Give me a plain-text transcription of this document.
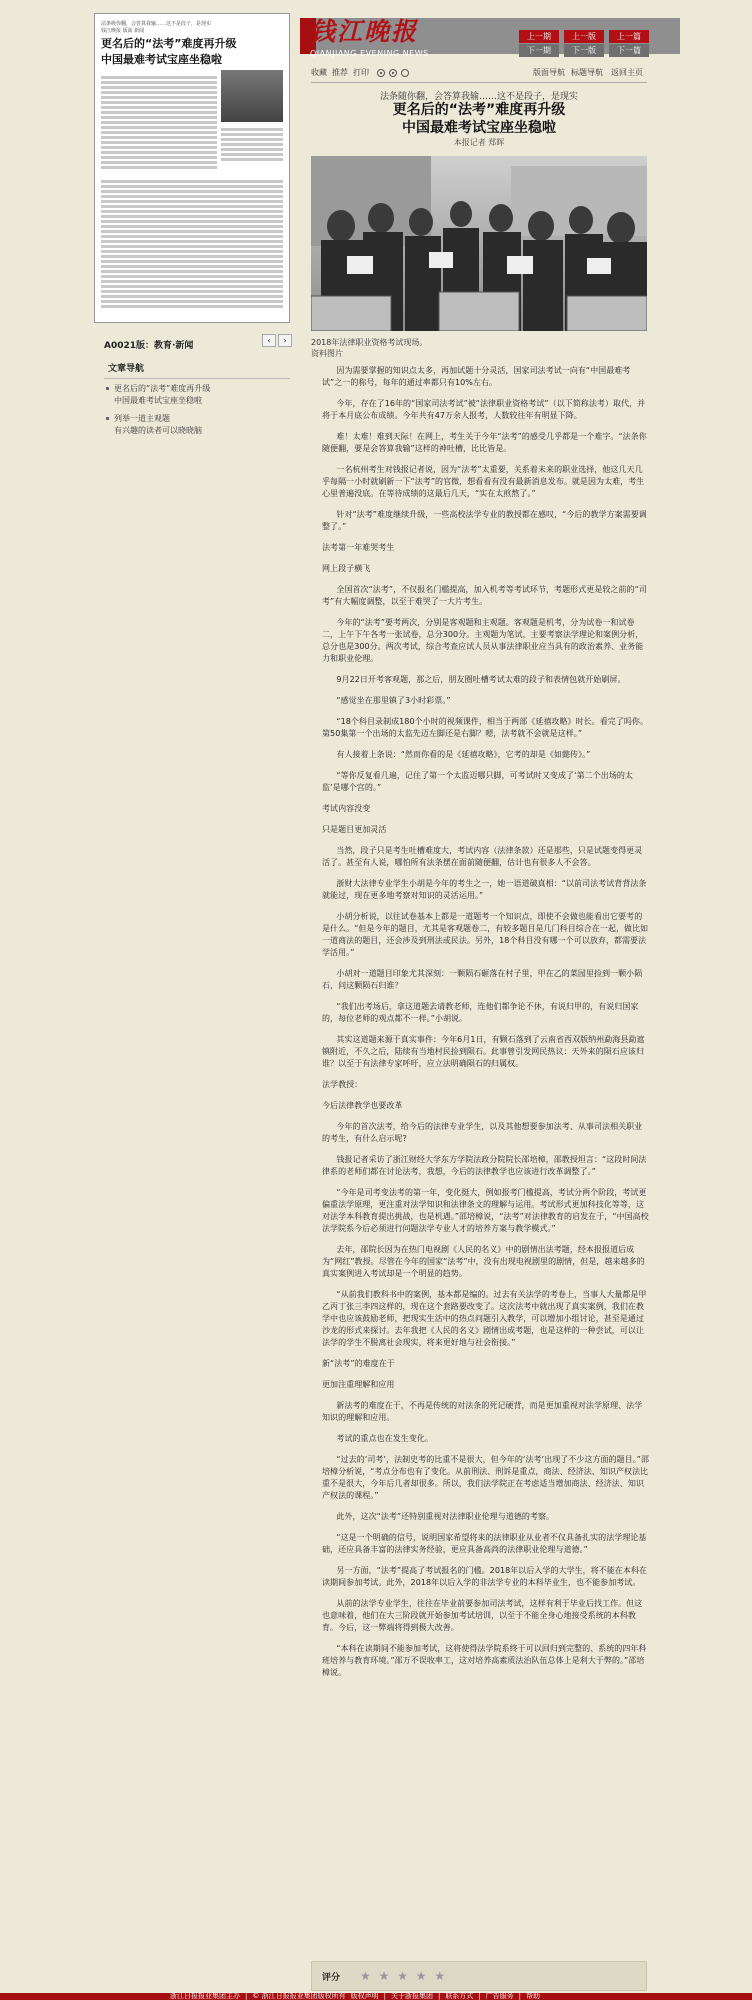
钱江晚报
QIANJIANG EVENING NEWS
上一期	上一版	上一篇
下一期	下一版	下一篇
法条吸你翻，会答算我输……这不是段子，是现实
钱江晚报 版面 新闻
更名后的“法考”难度再升级
中国最难考试宝座坐稳啦
A0021版：教育·新闻
‹	›
文章导航
更名后的“法考”难度再升级
中国最难考试宝座坐稳啦
列举一道主观题
有兴趣的读者可以晓晓脑
收藏 推荐 打印	版面导航 标题导航 返回主页
法条随你翻，会答算我输……这不是段子，是现实
更名后的“法考”难度再升级
中国最难考试宝座坐稳啦
本报记者 郑晖
2018年法律职业资格考试现场。
资料图片

因为需要掌握的知识点太多，再加试题十分灵活，国家司法考试一向有“中国最难考试”之一的称号，每年的通过率都只有10%左右。

今年，存在了16年的“国家司法考试”被“法律职业资格考试”（以下简称法考）取代，并将于本月底公布成绩。今年共有47万余人报考，人数较往年有明显下降。

难！太难！难到天际！在网上，考生关于今年“法考”的感受几乎都是一个难字。“法条你随便翻，要是会答算我输”这样的神吐槽，比比皆是。

一名杭州考生对钱报记者说，因为“法考”太重要，关系着未来的职业选择，他这几天几乎每隔一小时就刷新一下“法考”的官微，想看看有没有最新消息发布。就是因为太难，考生心里普遍没底。在等待成绩的这最后几天，“实在太煎熬了。”

针对“法考”难度继续升级，一些高校法学专业的教授都在感叹，“今后的教学方案需要调整了。”

法考第一年难哭考生

网上段子横飞

全国首次“法考”，不仅报名门槛提高，加入机考等考试环节，考题形式更是较之前的“司考”有大幅度调整，以至于难哭了一大片考生。

今年的“法考”要考两次，分别是客观题和主观题。客观题是机考，分为试卷一和试卷二，上午下午各考一张试卷，总分300分。主观题为笔试，主要考察法学理论和案例分析，总分也是300分。两次考试，综合考查应试人员从事法律职业应当具有的政治素养、业务能力和职业伦理。

9月22日开考客观题，那之后，朋友圈吐槽考试太难的段子和表情包就开始刷屏。

“感觉坐在那里镇了3小时彩票。”

“18个科目录制成180个小时的视频课件，相当于两部《延禧攻略》时长。看完了吗你。第50集第一个出场的太监先迈左脚还是右脚？嗯，法考就不会就是这样。”

有人接着上条说：“然而你看的是《延禧攻略》，它考的却是《如懿传》。”

“等你反复看几遍，记住了第一个太监迈哪只脚，可考试时又变成了‘第二个出场的太监’是哪个宫的。”

考试内容没变

只是题目更加灵活

当然，段子只是考生吐槽难度大，考试内容（法律条款）还是那些，只是试题变得更灵活了。甚至有人说，哪怕所有法条摆在面前随便翻，估计也有很多人不会答。

浙财大法律专业学生小胡是今年的考生之一，她一语道破真相：“以前司法考试背背法条就能过，现在更多地考察对知识的灵活运用。”

小胡分析说，以往试卷基本上都是一道题考一个知识点，即使不会做也能看出它要考的是什么。“但是今年的题目，尤其是客观题卷二，有较多题目是几门科目综合在一起，做比如一道商法的题目，还会涉及到刑法或民法。另外，18个科目没有哪一个可以放弃，都需要法学活用。”

小胡对一道题目印象尤其深刻：一颗陨石砸落在村子里，甲在乙的菜园里捡到一颗小陨石，问这颗陨石归谁？

“我们出考场后，拿这道题去请教老师，连他们都争论不休，有说归甲的，有说归国家的，每位老师的观点都不一样。”小胡说。

其实这道题来源于真实事件：今年6月1日，有颗石落到了云南省西双版纳州勐海县勐遮镇附近，不久之后，陆续有当地村民捡到陨石。此事曾引发网民热议：天外来的陨石应该归谁？以至于有法律专家呼吁，应立法明确陨石的归属权。

法学教授：

今后法律教学也要改革

今年的首次法考，给今后的法律专业学生，以及其他想要参加法考、从事司法相关职业的考生，有什么启示呢?

钱报记者采访了浙江财经大学东方学院法政分院院长邵培樟，邵教授坦言：“这段时间法律系的老师们都在讨论法考，我想，今后的法律教学也应该进行改革调整了。”

“今年是司考变法考的第一年，变化挺大，例如报考门槛提高，考试分两个阶段，考试更偏重法学原理，更注重对法学知识和法律条文的理解与运用。考试形式更加科技化等等，这对法学本科教育提出挑战，也是机遇。”邵培樟说，“法考”对法律教育的启发在于，“中国高校法学院系今后必须进行问题法学专业人才的培养方案与教学模式。”

去年，邵院长因为在热门电视剧《人民的名义》中的剧情出法考题，经本报报道后成为“网红”教授。尽管在今年的国家“法考”中，没有出现电视剧里的剧情，但是，越来越多的真实案例进入考试却是一个明显的趋势。

“从前我们教科书中的案例，基本都是编的。过去有关法学的考卷上，当事人大量都是甲乙丙丁张三李四这样的，现在这个套路要改变了。这次法考中就出现了真实案例，我们在教学中也应该鼓励老师，把现实生活中的热点问题引入教学，可以增加小组讨论，甚至是通过沙龙的形式来探讨。去年我把《人民的名义》剧情出成考题，也是这样的一种尝试，可以让法学的学生不脱离社会现实，将来更好地与社会衔接。”

新“法考”的难度在于

更加注重理解和应用

新法考的难度在于，不再是传统的对法条的死记硬背，而是更加重视对法学原理、法学知识的理解和应用。

考试的重点也在发生变化。

“过去的‘司考’，法制史考的比重不是很大，但今年的‘法考’出现了不少这方面的题目。”邵培樟分析说，“考点分布也有了变化。从前刑法、刑诉是重点，商法、经济法、知识产权法比重不是很大，今年后几者却很多。所以，我们法学院正在考虑适当增加商法、经济法、知识产权法的课程。”

此外，这次“法考”还特别重视对法律职业伦理与道德的考察。

“这是一个明确的信号，说明国家希望将来的法律职业从业者不仅具备扎实的法学理论基础，还应具备丰富的法律实务经验，更应具备高尚的法律职业伦理与道德。”

另一方面，“法考”提高了考试报名的门槛。2018年以后入学的大学生，将不能在本科在读期间参加考试。此外，2018年以后入学的非法学专业的本科毕业生，也不能参加考试。

从前的法学专业学生，往往在毕业前要参加司法考试，这样有利于毕业后找工作。但这也意味着，他们在大三阶段就开始参加考试培训，以至于不能全身心地接受系统的本科教育。今后，这一弊端将得到极大改善。

“本科在读期间不能参加考试，这将使得法学院系终于可以回归到完整的、系统的四年科班培养与教育环境。”邵万不误收率工，这对培养高素质法治队伍总体上是利大于弊的。”邵培樟说。

评分 ★ ★ ★ ★ ★
浙江日报报业集团主办 | © 浙江日报报业集团版权所有 版权声明 | 关于浙报集团 | 联系方式 | 广告服务 | 帮助
